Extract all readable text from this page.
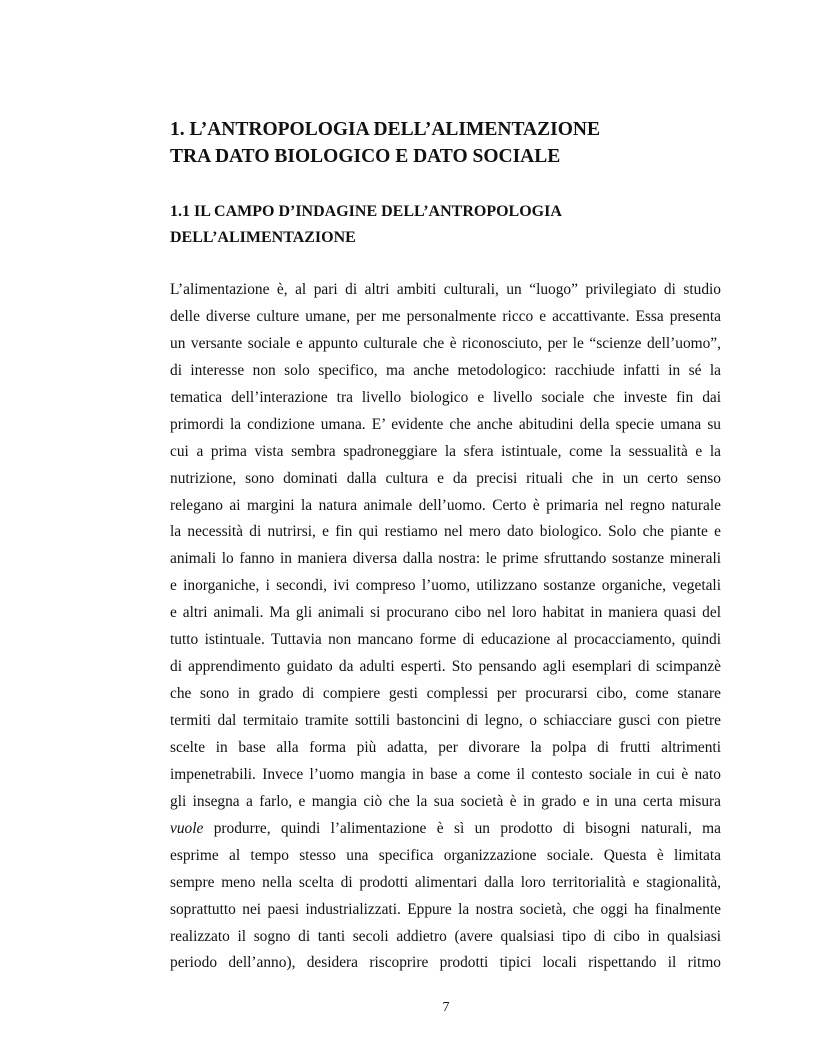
1. L’ANTROPOLOGIA DELL’ALIMENTAZIONE
TRA DATO BIOLOGICO E DATO SOCIALE
1.1 IL CAMPO D’INDAGINE DELL’ANTROPOLOGIA
DELL’ALIMENTAZIONE
L’alimentazione è, al pari di altri ambiti culturali, un “luogo” privilegiato di studio
delle diverse culture umane, per me personalmente ricco e accattivante. Essa presenta
un versante sociale e appunto culturale che è riconosciuto, per le “scienze dell’uomo”,
di interesse non solo specifico, ma anche metodologico: racchiude infatti in sé la
tematica dell’interazione tra livello biologico e livello sociale che investe fin dai
primordi la condizione umana. E’ evidente che anche abitudini della specie umana su
cui a prima vista sembra spadroneggiare la sfera istintuale, come la sessualità e la
nutrizione, sono dominati dalla cultura e da precisi rituali che in un certo senso
relegano ai margini la natura animale dell’uomo. Certo è primaria nel regno naturale
la necessità di nutrirsi, e fin qui restiamo nel mero dato biologico. Solo che piante e
animali lo fanno in maniera diversa dalla nostra: le prime sfruttando sostanze minerali
e inorganiche, i secondi, ivi compreso l’uomo, utilizzano sostanze organiche, vegetali
e altri animali. Ma gli animali si procurano cibo nel loro habitat in maniera quasi del
tutto istintuale. Tuttavia non mancano forme di educazione al procacciamento, quindi
di apprendimento guidato da adulti esperti. Sto pensando agli esemplari di scimpanzè
che sono in grado di compiere gesti complessi per procurarsi cibo, come stanare
termiti dal termitaio tramite sottili bastoncini di legno, o schiacciare gusci con pietre
scelte in base alla forma più adatta, per divorare la polpa di frutti altrimenti
impenetrabili. Invece l’uomo mangia in base a come il contesto sociale in cui è nato
gli insegna a farlo, e mangia ciò che la sua società è in grado e in una certa misura
vuole produrre, quindi l’alimentazione è sì un prodotto di bisogni naturali, ma
esprime al tempo stesso una specifica organizzazione sociale. Questa è limitata
sempre meno nella scelta di prodotti alimentari dalla loro territorialità e stagionalità,
soprattutto nei paesi industrializzati. Eppure la nostra società, che oggi ha finalmente
realizzato il sogno di tanti secoli addietro (avere qualsiasi tipo di cibo in qualsiasi
periodo dell’anno), desidera riscoprire prodotti tipici locali rispettando il ritmo
7
